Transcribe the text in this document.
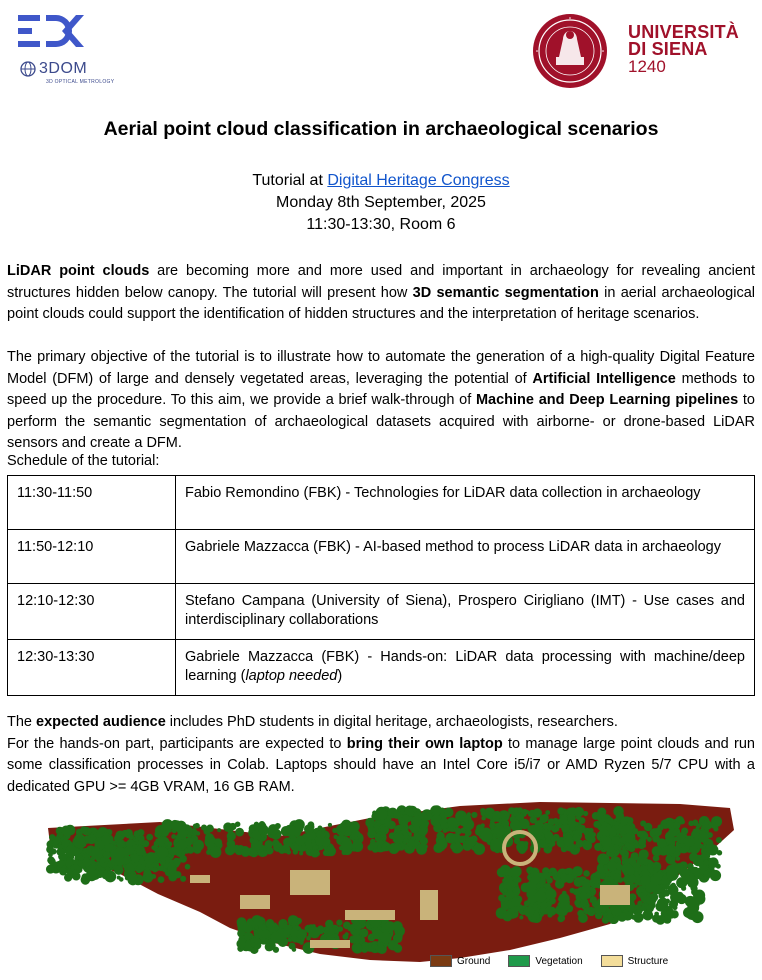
3DOM
3D OPTICAL METROLOGY
UNIVERSITÀ
DI SIENA
1240
Aerial point cloud classification in archaeological scenarios
Tutorial at Digital Heritage Congress
Monday 8th September, 2025
11:30-13:30, Room 6
LiDAR point clouds are becoming more and more used and important in archaeology for revealing ancient structures hidden below canopy. The tutorial will present how 3D semantic segmentation in aerial archaeological point clouds could support the identification of hidden structures and the interpretation of heritage scenarios.
The primary objective of the tutorial is to illustrate how to automate the generation of a high-quality Digital Feature Model (DFM) of large and densely vegetated areas, leveraging the potential of Artificial Intelligence methods to speed up the procedure. To this aim, we provide a brief walk-through of Machine and Deep Learning pipelines to perform the semantic segmentation of archaeological datasets acquired with airborne- or drone-based LiDAR sensors and create a DFM.
Schedule of the tutorial:
11:30-11:50	Fabio Remondino (FBK) - Technologies for LiDAR data collection in archaeology
11:50-12:10	Gabriele Mazzacca (FBK) - AI-based method to process LiDAR data in archaeology
12:10-12:30	Stefano Campana (University of Siena), Prospero Cirigliano (IMT) - Use cases and interdisciplinary collaborations
12:30-13:30	Gabriele Mazzacca (FBK) - Hands-on: LiDAR data processing with machine/deep learning (laptop needed)
The expected audience includes PhD students in digital heritage, archaeologists, researchers.
For the hands-on part, participants are expected to bring their own laptop to manage large point clouds and run some classification processes in Colab. Laptops should have an Intel Core i5/i7 or AMD Ryzen 5/7 CPU with a dedicated GPU >= 4GB VRAM, 16 GB RAM.
Ground	Vegetation	Structure
